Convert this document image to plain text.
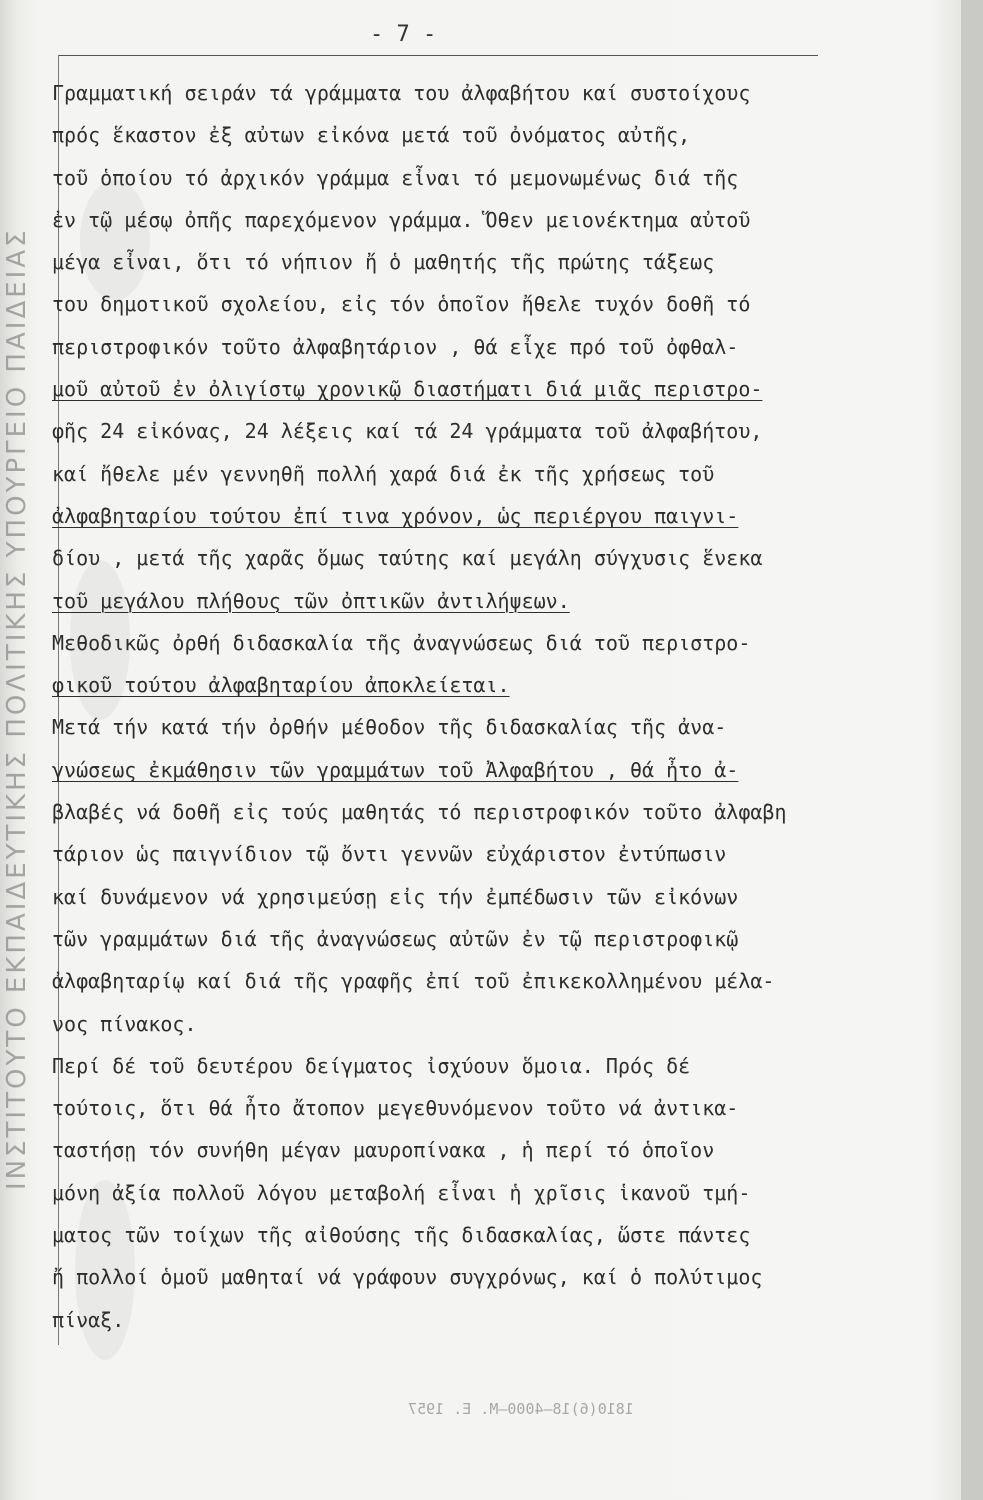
ΙΝΣΤΙΤΟΥΤΟ ΕΚΠΑΙΔΕΥΤΙΚΗΣ ΠΟΛΙΤΙΚΗΣ ΥΠΟΥΡΓΕΙΟ ΠΑΙΔΕΙΑΣ
- 7 -
Γραμματική σειράν τά γράμματα του ἀλφαβήτου καί συστοίχους
πρός ἕκαστον ἐξ αὐτων εἰκόνα μετά τοῦ ὀνόματος αὐτῆς,
τοῦ ὁποίου τό ἀρχικόν γράμμα εἶναι τό μεμονωμένως διά τῆς
ἐν τῷ μέσῳ ὀπῆς παρεχόμενον γράμμα. Ὅθεν μειονέκτημα αὐτοῦ
μέγα εἶναι, ὅτι τό νήπιον ἤ ὁ μαθητής τῆς πρώτης τάξεως
του δημοτικοῦ σχολείου, εἰς τόν ὁποῖον ἤθελε τυχόν δοθῆ τό
περιστροφικόν τοῦτο ἀλφαβητάριον , θά εἶχε πρό τοῦ ὀφθαλ-
μοῦ αὐτοῦ ἐν ὀλιγίστῳ χρονικῷ διαστήματι διά μιᾶς περιστρο-
φῆς 24 εἰκόνας, 24 λέξεις καί τά 24 γράμματα τοῦ ἀλφαβήτου,
καί ἤθελε μέν γεννηθῆ πολλή χαρά διά ἐκ τῆς χρήσεως τοῦ
ἀλφαβηταρίου τούτου ἐπί τινα χρόνον, ὡς περιέργου παιγνι-
δίου , μετά τῆς χαρᾶς ὅμως ταύτης καί μεγάλη σύγχυσις ἕνεκα
τοῦ μεγάλου πλήθους τῶν ὀπτικῶν ἀντιλήψεων.
Μεθοδικῶς ὀρθή διδασκαλία τῆς ἀναγνώσεως διά τοῦ περιστρο-
φικοῦ τούτου ἀλφαβηταρίου ἀποκλείεται.
Μετά τήν κατά τήν ὀρθήν μέθοδον τῆς διδασκαλίας τῆς ἀνα-
γνώσεως ἐκμάθησιν τῶν γραμμάτων τοῦ Ἀλφαβήτου , θά ἦτο ἀ-
βλαβές νά δοθῆ εἰς τούς μαθητάς τό περιστροφικόν τοῦτο ἀλφαβη
τάριον ὡς παιγνίδιον τῷ ὄντι γεννῶν εὐχάριστον ἐντύπωσιν
καί δυνάμενον νά χρησιμεύσῃ εἰς τήν ἐμπέδωσιν τῶν εἰκόνων
τῶν γραμμάτων διά τῆς ἀναγνώσεως αὐτῶν ἐν τῷ περιστροφικῷ
ἀλφαβηταρίῳ καί διά τῆς γραφῆς ἐπί τοῦ ἐπικεκολλημένου μέλα-
νος πίνακος.
Περί δέ τοῦ δευτέρου δείγματος ἰσχύουν ὅμοια. Πρός δέ
τούτοις, ὅτι θά ἦτο ἄτοπον μεγεθυνόμενον τοῦτο νά ἀντικα-
ταστήσῃ τόν συνήθη μέγαν μαυροπίνακα , ἡ περί τό ὁποῖον
μόνη ἀξία πολλοῦ λόγου μεταβολή εἶναι ἡ χρῖσις ἱκανοῦ τμή-
ματος τῶν τοίχων τῆς αἰθούσης τῆς διδασκαλίας, ὥστε πάντες
ἤ πολλοί ὁμοῦ μαθηταί νά γράφουν συγχρόνως, καί ὁ πολύτιμος
πίναξ.
1810(6)18—4000—Μ. Ε. 1957
